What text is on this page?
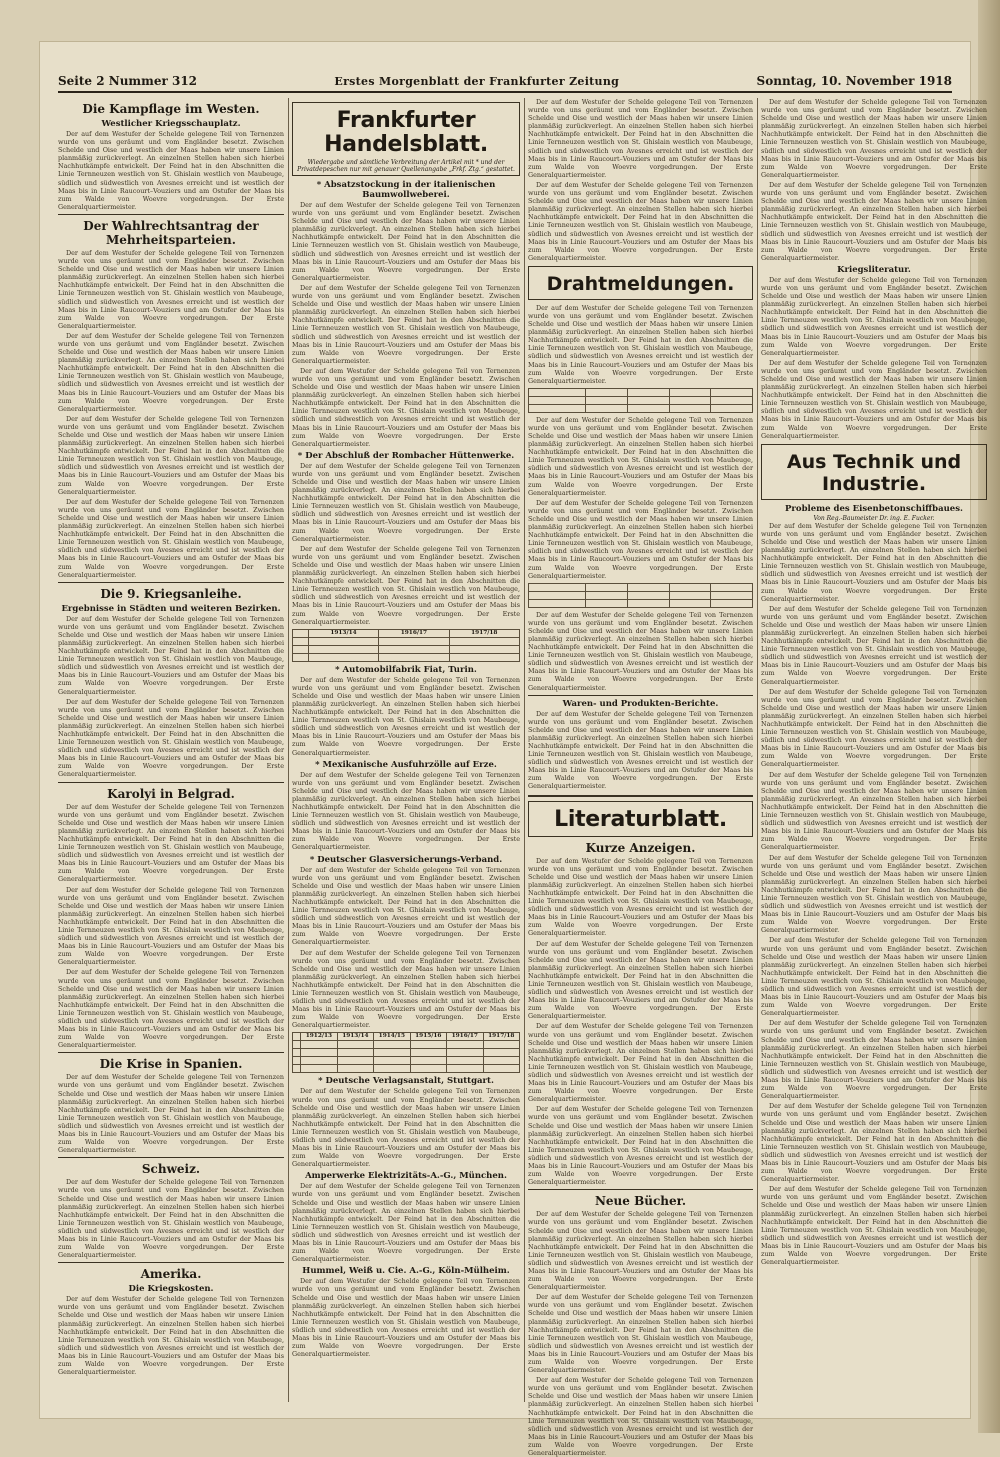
Seite 2 Nummer 312	Erstes Morgenblatt der Frankfurter Zeitung	Sonntag, 10. November 1918
Die Kampflage im Westen.
Westlicher Kriegsschauplatz.

Der auf dem Westufer der Schelde gelegene Teil von Ternenzen wurde von uns geräumt und vom Engländer besetzt. Zwischen Schelde und Oise und westlich der Maas haben wir unsere Linien planmäßig zurückverlegt. An einzelnen Stellen haben sich hierbei Nachhutkämpfe entwickelt. Der Feind hat in den Abschnitten die Linie Ternneuzen westlich von St. Ghislain westlich von Maubeuge, südlich und südwestlich von Avesnes erreicht und ist westlich der Maas bis in Linie Raucourt–Vouziers und am Ostufer der Maas bis zum Walde von Woevre vorgedrungen. Der Erste Generalquartiermeister.

Der Wahlrechtsantrag der Mehrheitsparteien.

Der auf dem Westufer der Schelde gelegene Teil von Ternenzen wurde von uns geräumt und vom Engländer besetzt. Zwischen Schelde und Oise und westlich der Maas haben wir unsere Linien planmäßig zurückverlegt. An einzelnen Stellen haben sich hierbei Nachhutkämpfe entwickelt. Der Feind hat in den Abschnitten die Linie Ternneuzen westlich von St. Ghislain westlich von Maubeuge, südlich und südwestlich von Avesnes erreicht und ist westlich der Maas bis in Linie Raucourt–Vouziers und am Ostufer der Maas bis zum Walde von Woevre vorgedrungen. Der Erste Generalquartiermeister.

Der auf dem Westufer der Schelde gelegene Teil von Ternenzen wurde von uns geräumt und vom Engländer besetzt. Zwischen Schelde und Oise und westlich der Maas haben wir unsere Linien planmäßig zurückverlegt. An einzelnen Stellen haben sich hierbei Nachhutkämpfe entwickelt. Der Feind hat in den Abschnitten die Linie Ternneuzen westlich von St. Ghislain westlich von Maubeuge, südlich und südwestlich von Avesnes erreicht und ist westlich der Maas bis in Linie Raucourt–Vouziers und am Ostufer der Maas bis zum Walde von Woevre vorgedrungen. Der Erste Generalquartiermeister.

Der auf dem Westufer der Schelde gelegene Teil von Ternenzen wurde von uns geräumt und vom Engländer besetzt. Zwischen Schelde und Oise und westlich der Maas haben wir unsere Linien planmäßig zurückverlegt. An einzelnen Stellen haben sich hierbei Nachhutkämpfe entwickelt. Der Feind hat in den Abschnitten die Linie Ternneuzen westlich von St. Ghislain westlich von Maubeuge, südlich und südwestlich von Avesnes erreicht und ist westlich der Maas bis in Linie Raucourt–Vouziers und am Ostufer der Maas bis zum Walde von Woevre vorgedrungen. Der Erste Generalquartiermeister.

Der auf dem Westufer der Schelde gelegene Teil von Ternenzen wurde von uns geräumt und vom Engländer besetzt. Zwischen Schelde und Oise und westlich der Maas haben wir unsere Linien planmäßig zurückverlegt. An einzelnen Stellen haben sich hierbei Nachhutkämpfe entwickelt. Der Feind hat in den Abschnitten die Linie Ternneuzen westlich von St. Ghislain westlich von Maubeuge, südlich und südwestlich von Avesnes erreicht und ist westlich der Maas bis in Linie Raucourt–Vouziers und am Ostufer der Maas bis zum Walde von Woevre vorgedrungen. Der Erste Generalquartiermeister.

Die 9. Kriegsanleihe.
Ergebnisse in Städten und weiteren Bezirken.

Der auf dem Westufer der Schelde gelegene Teil von Ternenzen wurde von uns geräumt und vom Engländer besetzt. Zwischen Schelde und Oise und westlich der Maas haben wir unsere Linien planmäßig zurückverlegt. An einzelnen Stellen haben sich hierbei Nachhutkämpfe entwickelt. Der Feind hat in den Abschnitten die Linie Ternneuzen westlich von St. Ghislain westlich von Maubeuge, südlich und südwestlich von Avesnes erreicht und ist westlich der Maas bis in Linie Raucourt–Vouziers und am Ostufer der Maas bis zum Walde von Woevre vorgedrungen. Der Erste Generalquartiermeister.

Der auf dem Westufer der Schelde gelegene Teil von Ternenzen wurde von uns geräumt und vom Engländer besetzt. Zwischen Schelde und Oise und westlich der Maas haben wir unsere Linien planmäßig zurückverlegt. An einzelnen Stellen haben sich hierbei Nachhutkämpfe entwickelt. Der Feind hat in den Abschnitten die Linie Ternneuzen westlich von St. Ghislain westlich von Maubeuge, südlich und südwestlich von Avesnes erreicht und ist westlich der Maas bis in Linie Raucourt–Vouziers und am Ostufer der Maas bis zum Walde von Woevre vorgedrungen. Der Erste Generalquartiermeister.

Karolyi in Belgrad.

Der auf dem Westufer der Schelde gelegene Teil von Ternenzen wurde von uns geräumt und vom Engländer besetzt. Zwischen Schelde und Oise und westlich der Maas haben wir unsere Linien planmäßig zurückverlegt. An einzelnen Stellen haben sich hierbei Nachhutkämpfe entwickelt. Der Feind hat in den Abschnitten die Linie Ternneuzen westlich von St. Ghislain westlich von Maubeuge, südlich und südwestlich von Avesnes erreicht und ist westlich der Maas bis in Linie Raucourt–Vouziers und am Ostufer der Maas bis zum Walde von Woevre vorgedrungen. Der Erste Generalquartiermeister.

Der auf dem Westufer der Schelde gelegene Teil von Ternenzen wurde von uns geräumt und vom Engländer besetzt. Zwischen Schelde und Oise und westlich der Maas haben wir unsere Linien planmäßig zurückverlegt. An einzelnen Stellen haben sich hierbei Nachhutkämpfe entwickelt. Der Feind hat in den Abschnitten die Linie Ternneuzen westlich von St. Ghislain westlich von Maubeuge, südlich und südwestlich von Avesnes erreicht und ist westlich der Maas bis in Linie Raucourt–Vouziers und am Ostufer der Maas bis zum Walde von Woevre vorgedrungen. Der Erste Generalquartiermeister.

Der auf dem Westufer der Schelde gelegene Teil von Ternenzen wurde von uns geräumt und vom Engländer besetzt. Zwischen Schelde und Oise und westlich der Maas haben wir unsere Linien planmäßig zurückverlegt. An einzelnen Stellen haben sich hierbei Nachhutkämpfe entwickelt. Der Feind hat in den Abschnitten die Linie Ternneuzen westlich von St. Ghislain westlich von Maubeuge, südlich und südwestlich von Avesnes erreicht und ist westlich der Maas bis in Linie Raucourt–Vouziers und am Ostufer der Maas bis zum Walde von Woevre vorgedrungen. Der Erste Generalquartiermeister.

Die Krise in Spanien.

Der auf dem Westufer der Schelde gelegene Teil von Ternenzen wurde von uns geräumt und vom Engländer besetzt. Zwischen Schelde und Oise und westlich der Maas haben wir unsere Linien planmäßig zurückverlegt. An einzelnen Stellen haben sich hierbei Nachhutkämpfe entwickelt. Der Feind hat in den Abschnitten die Linie Ternneuzen westlich von St. Ghislain westlich von Maubeuge, südlich und südwestlich von Avesnes erreicht und ist westlich der Maas bis in Linie Raucourt–Vouziers und am Ostufer der Maas bis zum Walde von Woevre vorgedrungen. Der Erste Generalquartiermeister.

Schweiz.

Der auf dem Westufer der Schelde gelegene Teil von Ternenzen wurde von uns geräumt und vom Engländer besetzt. Zwischen Schelde und Oise und westlich der Maas haben wir unsere Linien planmäßig zurückverlegt. An einzelnen Stellen haben sich hierbei Nachhutkämpfe entwickelt. Der Feind hat in den Abschnitten die Linie Ternneuzen westlich von St. Ghislain westlich von Maubeuge, südlich und südwestlich von Avesnes erreicht und ist westlich der Maas bis in Linie Raucourt–Vouziers und am Ostufer der Maas bis zum Walde von Woevre vorgedrungen. Der Erste Generalquartiermeister.

Amerika.
Die Kriegskosten.

Der auf dem Westufer der Schelde gelegene Teil von Ternenzen wurde von uns geräumt und vom Engländer besetzt. Zwischen Schelde und Oise und westlich der Maas haben wir unsere Linien planmäßig zurückverlegt. An einzelnen Stellen haben sich hierbei Nachhutkämpfe entwickelt. Der Feind hat in den Abschnitten die Linie Ternneuzen westlich von St. Ghislain westlich von Maubeuge, südlich und südwestlich von Avesnes erreicht und ist westlich der Maas bis in Linie Raucourt–Vouziers und am Ostufer der Maas bis zum Walde von Woevre vorgedrungen. Der Erste Generalquartiermeister.

Frankfurter Handelsblatt.
Wiedergabe und sämtliche Verbreitung der Artikel mit * und der Privatdepeschen nur mit genauer Quellenangabe „Frkf. Ztg.“ gestattet.
* Absatzstockung in der italienischen Baumwollweberei.

Der auf dem Westufer der Schelde gelegene Teil von Ternenzen wurde von uns geräumt und vom Engländer besetzt. Zwischen Schelde und Oise und westlich der Maas haben wir unsere Linien planmäßig zurückverlegt. An einzelnen Stellen haben sich hierbei Nachhutkämpfe entwickelt. Der Feind hat in den Abschnitten die Linie Ternneuzen westlich von St. Ghislain westlich von Maubeuge, südlich und südwestlich von Avesnes erreicht und ist westlich der Maas bis in Linie Raucourt–Vouziers und am Ostufer der Maas bis zum Walde von Woevre vorgedrungen. Der Erste Generalquartiermeister.

Der auf dem Westufer der Schelde gelegene Teil von Ternenzen wurde von uns geräumt und vom Engländer besetzt. Zwischen Schelde und Oise und westlich der Maas haben wir unsere Linien planmäßig zurückverlegt. An einzelnen Stellen haben sich hierbei Nachhutkämpfe entwickelt. Der Feind hat in den Abschnitten die Linie Ternneuzen westlich von St. Ghislain westlich von Maubeuge, südlich und südwestlich von Avesnes erreicht und ist westlich der Maas bis in Linie Raucourt–Vouziers und am Ostufer der Maas bis zum Walde von Woevre vorgedrungen. Der Erste Generalquartiermeister.

Der auf dem Westufer der Schelde gelegene Teil von Ternenzen wurde von uns geräumt und vom Engländer besetzt. Zwischen Schelde und Oise und westlich der Maas haben wir unsere Linien planmäßig zurückverlegt. An einzelnen Stellen haben sich hierbei Nachhutkämpfe entwickelt. Der Feind hat in den Abschnitten die Linie Ternneuzen westlich von St. Ghislain westlich von Maubeuge, südlich und südwestlich von Avesnes erreicht und ist westlich der Maas bis in Linie Raucourt–Vouziers und am Ostufer der Maas bis zum Walde von Woevre vorgedrungen. Der Erste Generalquartiermeister.

* Der Abschluß der Rombacher Hüttenwerke.

Der auf dem Westufer der Schelde gelegene Teil von Ternenzen wurde von uns geräumt und vom Engländer besetzt. Zwischen Schelde und Oise und westlich der Maas haben wir unsere Linien planmäßig zurückverlegt. An einzelnen Stellen haben sich hierbei Nachhutkämpfe entwickelt. Der Feind hat in den Abschnitten die Linie Ternneuzen westlich von St. Ghislain westlich von Maubeuge, südlich und südwestlich von Avesnes erreicht und ist westlich der Maas bis in Linie Raucourt–Vouziers und am Ostufer der Maas bis zum Walde von Woevre vorgedrungen. Der Erste Generalquartiermeister.

Der auf dem Westufer der Schelde gelegene Teil von Ternenzen wurde von uns geräumt und vom Engländer besetzt. Zwischen Schelde und Oise und westlich der Maas haben wir unsere Linien planmäßig zurückverlegt. An einzelnen Stellen haben sich hierbei Nachhutkämpfe entwickelt. Der Feind hat in den Abschnitten die Linie Ternneuzen westlich von St. Ghislain westlich von Maubeuge, südlich und südwestlich von Avesnes erreicht und ist westlich der Maas bis in Linie Raucourt–Vouziers und am Ostufer der Maas bis zum Walde von Woevre vorgedrungen. Der Erste Generalquartiermeister.

	1913/14	1916/17	1917/18

* Automobilfabrik Fiat, Turin.

Der auf dem Westufer der Schelde gelegene Teil von Ternenzen wurde von uns geräumt und vom Engländer besetzt. Zwischen Schelde und Oise und westlich der Maas haben wir unsere Linien planmäßig zurückverlegt. An einzelnen Stellen haben sich hierbei Nachhutkämpfe entwickelt. Der Feind hat in den Abschnitten die Linie Ternneuzen westlich von St. Ghislain westlich von Maubeuge, südlich und südwestlich von Avesnes erreicht und ist westlich der Maas bis in Linie Raucourt–Vouziers und am Ostufer der Maas bis zum Walde von Woevre vorgedrungen. Der Erste Generalquartiermeister.

* Mexikanische Ausfuhrzölle auf Erze.

Der auf dem Westufer der Schelde gelegene Teil von Ternenzen wurde von uns geräumt und vom Engländer besetzt. Zwischen Schelde und Oise und westlich der Maas haben wir unsere Linien planmäßig zurückverlegt. An einzelnen Stellen haben sich hierbei Nachhutkämpfe entwickelt. Der Feind hat in den Abschnitten die Linie Ternneuzen westlich von St. Ghislain westlich von Maubeuge, südlich und südwestlich von Avesnes erreicht und ist westlich der Maas bis in Linie Raucourt–Vouziers und am Ostufer der Maas bis zum Walde von Woevre vorgedrungen. Der Erste Generalquartiermeister.

* Deutscher Glasversicherungs-Verband.

Der auf dem Westufer der Schelde gelegene Teil von Ternenzen wurde von uns geräumt und vom Engländer besetzt. Zwischen Schelde und Oise und westlich der Maas haben wir unsere Linien planmäßig zurückverlegt. An einzelnen Stellen haben sich hierbei Nachhutkämpfe entwickelt. Der Feind hat in den Abschnitten die Linie Ternneuzen westlich von St. Ghislain westlich von Maubeuge, südlich und südwestlich von Avesnes erreicht und ist westlich der Maas bis in Linie Raucourt–Vouziers und am Ostufer der Maas bis zum Walde von Woevre vorgedrungen. Der Erste Generalquartiermeister.

Der auf dem Westufer der Schelde gelegene Teil von Ternenzen wurde von uns geräumt und vom Engländer besetzt. Zwischen Schelde und Oise und westlich der Maas haben wir unsere Linien planmäßig zurückverlegt. An einzelnen Stellen haben sich hierbei Nachhutkämpfe entwickelt. Der Feind hat in den Abschnitten die Linie Ternneuzen westlich von St. Ghislain westlich von Maubeuge, südlich und südwestlich von Avesnes erreicht und ist westlich der Maas bis in Linie Raucourt–Vouziers und am Ostufer der Maas bis zum Walde von Woevre vorgedrungen. Der Erste Generalquartiermeister.

	1912/13	1913/14	1914/15	1915/16	1916/17	1917/18

* Deutsche Verlagsanstalt, Stuttgart.

Der auf dem Westufer der Schelde gelegene Teil von Ternenzen wurde von uns geräumt und vom Engländer besetzt. Zwischen Schelde und Oise und westlich der Maas haben wir unsere Linien planmäßig zurückverlegt. An einzelnen Stellen haben sich hierbei Nachhutkämpfe entwickelt. Der Feind hat in den Abschnitten die Linie Ternneuzen westlich von St. Ghislain westlich von Maubeuge, südlich und südwestlich von Avesnes erreicht und ist westlich der Maas bis in Linie Raucourt–Vouziers und am Ostufer der Maas bis zum Walde von Woevre vorgedrungen. Der Erste Generalquartiermeister.

Amperwerke Elektrizitäts-A.-G., München.

Der auf dem Westufer der Schelde gelegene Teil von Ternenzen wurde von uns geräumt und vom Engländer besetzt. Zwischen Schelde und Oise und westlich der Maas haben wir unsere Linien planmäßig zurückverlegt. An einzelnen Stellen haben sich hierbei Nachhutkämpfe entwickelt. Der Feind hat in den Abschnitten die Linie Ternneuzen westlich von St. Ghislain westlich von Maubeuge, südlich und südwestlich von Avesnes erreicht und ist westlich der Maas bis in Linie Raucourt–Vouziers und am Ostufer der Maas bis zum Walde von Woevre vorgedrungen. Der Erste Generalquartiermeister.

Hummel, Weiß u. Cie. A.-G., Köln-Mülheim.

Der auf dem Westufer der Schelde gelegene Teil von Ternenzen wurde von uns geräumt und vom Engländer besetzt. Zwischen Schelde und Oise und westlich der Maas haben wir unsere Linien planmäßig zurückverlegt. An einzelnen Stellen haben sich hierbei Nachhutkämpfe entwickelt. Der Feind hat in den Abschnitten die Linie Ternneuzen westlich von St. Ghislain westlich von Maubeuge, südlich und südwestlich von Avesnes erreicht und ist westlich der Maas bis in Linie Raucourt–Vouziers und am Ostufer der Maas bis zum Walde von Woevre vorgedrungen. Der Erste Generalquartiermeister.

Der auf dem Westufer der Schelde gelegene Teil von Ternenzen wurde von uns geräumt und vom Engländer besetzt. Zwischen Schelde und Oise und westlich der Maas haben wir unsere Linien planmäßig zurückverlegt. An einzelnen Stellen haben sich hierbei Nachhutkämpfe entwickelt. Der Feind hat in den Abschnitten die Linie Ternneuzen westlich von St. Ghislain westlich von Maubeuge, südlich und südwestlich von Avesnes erreicht und ist westlich der Maas bis in Linie Raucourt–Vouziers und am Ostufer der Maas bis zum Walde von Woevre vorgedrungen. Der Erste Generalquartiermeister.

Der auf dem Westufer der Schelde gelegene Teil von Ternenzen wurde von uns geräumt und vom Engländer besetzt. Zwischen Schelde und Oise und westlich der Maas haben wir unsere Linien planmäßig zurückverlegt. An einzelnen Stellen haben sich hierbei Nachhutkämpfe entwickelt. Der Feind hat in den Abschnitten die Linie Ternneuzen westlich von St. Ghislain westlich von Maubeuge, südlich und südwestlich von Avesnes erreicht und ist westlich der Maas bis in Linie Raucourt–Vouziers und am Ostufer der Maas bis zum Walde von Woevre vorgedrungen. Der Erste Generalquartiermeister.

Drahtmeldungen.

Der auf dem Westufer der Schelde gelegene Teil von Ternenzen wurde von uns geräumt und vom Engländer besetzt. Zwischen Schelde und Oise und westlich der Maas haben wir unsere Linien planmäßig zurückverlegt. An einzelnen Stellen haben sich hierbei Nachhutkämpfe entwickelt. Der Feind hat in den Abschnitten die Linie Ternneuzen westlich von St. Ghislain westlich von Maubeuge, südlich und südwestlich von Avesnes erreicht und ist westlich der Maas bis in Linie Raucourt–Vouziers und am Ostufer der Maas bis zum Walde von Woevre vorgedrungen. Der Erste Generalquartiermeister.

Der auf dem Westufer der Schelde gelegene Teil von Ternenzen wurde von uns geräumt und vom Engländer besetzt. Zwischen Schelde und Oise und westlich der Maas haben wir unsere Linien planmäßig zurückverlegt. An einzelnen Stellen haben sich hierbei Nachhutkämpfe entwickelt. Der Feind hat in den Abschnitten die Linie Ternneuzen westlich von St. Ghislain westlich von Maubeuge, südlich und südwestlich von Avesnes erreicht und ist westlich der Maas bis in Linie Raucourt–Vouziers und am Ostufer der Maas bis zum Walde von Woevre vorgedrungen. Der Erste Generalquartiermeister.

Der auf dem Westufer der Schelde gelegene Teil von Ternenzen wurde von uns geräumt und vom Engländer besetzt. Zwischen Schelde und Oise und westlich der Maas haben wir unsere Linien planmäßig zurückverlegt. An einzelnen Stellen haben sich hierbei Nachhutkämpfe entwickelt. Der Feind hat in den Abschnitten die Linie Ternneuzen westlich von St. Ghislain westlich von Maubeuge, südlich und südwestlich von Avesnes erreicht und ist westlich der Maas bis in Linie Raucourt–Vouziers und am Ostufer der Maas bis zum Walde von Woevre vorgedrungen. Der Erste Generalquartiermeister.

Der auf dem Westufer der Schelde gelegene Teil von Ternenzen wurde von uns geräumt und vom Engländer besetzt. Zwischen Schelde und Oise und westlich der Maas haben wir unsere Linien planmäßig zurückverlegt. An einzelnen Stellen haben sich hierbei Nachhutkämpfe entwickelt. Der Feind hat in den Abschnitten die Linie Ternneuzen westlich von St. Ghislain westlich von Maubeuge, südlich und südwestlich von Avesnes erreicht und ist westlich der Maas bis in Linie Raucourt–Vouziers und am Ostufer der Maas bis zum Walde von Woevre vorgedrungen. Der Erste Generalquartiermeister.

Waren- und Produkten-Berichte.

Der auf dem Westufer der Schelde gelegene Teil von Ternenzen wurde von uns geräumt und vom Engländer besetzt. Zwischen Schelde und Oise und westlich der Maas haben wir unsere Linien planmäßig zurückverlegt. An einzelnen Stellen haben sich hierbei Nachhutkämpfe entwickelt. Der Feind hat in den Abschnitten die Linie Ternneuzen westlich von St. Ghislain westlich von Maubeuge, südlich und südwestlich von Avesnes erreicht und ist westlich der Maas bis in Linie Raucourt–Vouziers und am Ostufer der Maas bis zum Walde von Woevre vorgedrungen. Der Erste Generalquartiermeister.

Literaturblatt.
Kurze Anzeigen.

Der auf dem Westufer der Schelde gelegene Teil von Ternenzen wurde von uns geräumt und vom Engländer besetzt. Zwischen Schelde und Oise und westlich der Maas haben wir unsere Linien planmäßig zurückverlegt. An einzelnen Stellen haben sich hierbei Nachhutkämpfe entwickelt. Der Feind hat in den Abschnitten die Linie Ternneuzen westlich von St. Ghislain westlich von Maubeuge, südlich und südwestlich von Avesnes erreicht und ist westlich der Maas bis in Linie Raucourt–Vouziers und am Ostufer der Maas bis zum Walde von Woevre vorgedrungen. Der Erste Generalquartiermeister.

Der auf dem Westufer der Schelde gelegene Teil von Ternenzen wurde von uns geräumt und vom Engländer besetzt. Zwischen Schelde und Oise und westlich der Maas haben wir unsere Linien planmäßig zurückverlegt. An einzelnen Stellen haben sich hierbei Nachhutkämpfe entwickelt. Der Feind hat in den Abschnitten die Linie Ternneuzen westlich von St. Ghislain westlich von Maubeuge, südlich und südwestlich von Avesnes erreicht und ist westlich der Maas bis in Linie Raucourt–Vouziers und am Ostufer der Maas bis zum Walde von Woevre vorgedrungen. Der Erste Generalquartiermeister.

Der auf dem Westufer der Schelde gelegene Teil von Ternenzen wurde von uns geräumt und vom Engländer besetzt. Zwischen Schelde und Oise und westlich der Maas haben wir unsere Linien planmäßig zurückverlegt. An einzelnen Stellen haben sich hierbei Nachhutkämpfe entwickelt. Der Feind hat in den Abschnitten die Linie Ternneuzen westlich von St. Ghislain westlich von Maubeuge, südlich und südwestlich von Avesnes erreicht und ist westlich der Maas bis in Linie Raucourt–Vouziers und am Ostufer der Maas bis zum Walde von Woevre vorgedrungen. Der Erste Generalquartiermeister.

Der auf dem Westufer der Schelde gelegene Teil von Ternenzen wurde von uns geräumt und vom Engländer besetzt. Zwischen Schelde und Oise und westlich der Maas haben wir unsere Linien planmäßig zurückverlegt. An einzelnen Stellen haben sich hierbei Nachhutkämpfe entwickelt. Der Feind hat in den Abschnitten die Linie Ternneuzen westlich von St. Ghislain westlich von Maubeuge, südlich und südwestlich von Avesnes erreicht und ist westlich der Maas bis in Linie Raucourt–Vouziers und am Ostufer der Maas bis zum Walde von Woevre vorgedrungen. Der Erste Generalquartiermeister.

Neue Bücher.

Der auf dem Westufer der Schelde gelegene Teil von Ternenzen wurde von uns geräumt und vom Engländer besetzt. Zwischen Schelde und Oise und westlich der Maas haben wir unsere Linien planmäßig zurückverlegt. An einzelnen Stellen haben sich hierbei Nachhutkämpfe entwickelt. Der Feind hat in den Abschnitten die Linie Ternneuzen westlich von St. Ghislain westlich von Maubeuge, südlich und südwestlich von Avesnes erreicht und ist westlich der Maas bis in Linie Raucourt–Vouziers und am Ostufer der Maas bis zum Walde von Woevre vorgedrungen. Der Erste Generalquartiermeister.

Der auf dem Westufer der Schelde gelegene Teil von Ternenzen wurde von uns geräumt und vom Engländer besetzt. Zwischen Schelde und Oise und westlich der Maas haben wir unsere Linien planmäßig zurückverlegt. An einzelnen Stellen haben sich hierbei Nachhutkämpfe entwickelt. Der Feind hat in den Abschnitten die Linie Ternneuzen westlich von St. Ghislain westlich von Maubeuge, südlich und südwestlich von Avesnes erreicht und ist westlich der Maas bis in Linie Raucourt–Vouziers und am Ostufer der Maas bis zum Walde von Woevre vorgedrungen. Der Erste Generalquartiermeister.

Der auf dem Westufer der Schelde gelegene Teil von Ternenzen wurde von uns geräumt und vom Engländer besetzt. Zwischen Schelde und Oise und westlich der Maas haben wir unsere Linien planmäßig zurückverlegt. An einzelnen Stellen haben sich hierbei Nachhutkämpfe entwickelt. Der Feind hat in den Abschnitten die Linie Ternneuzen westlich von St. Ghislain westlich von Maubeuge, südlich und südwestlich von Avesnes erreicht und ist westlich der Maas bis in Linie Raucourt–Vouziers und am Ostufer der Maas bis zum Walde von Woevre vorgedrungen. Der Erste Generalquartiermeister.

Der auf dem Westufer der Schelde gelegene Teil von Ternenzen wurde von uns geräumt und vom Engländer besetzt. Zwischen Schelde und Oise und westlich der Maas haben wir unsere Linien planmäßig zurückverlegt. An einzelnen Stellen haben sich hierbei Nachhutkämpfe entwickelt. Der Feind hat in den Abschnitten die Linie Ternneuzen westlich von St. Ghislain westlich von Maubeuge, südlich und südwestlich von Avesnes erreicht und ist westlich der Maas bis in Linie Raucourt–Vouziers und am Ostufer der Maas bis zum Walde von Woevre vorgedrungen. Der Erste Generalquartiermeister.

Der auf dem Westufer der Schelde gelegene Teil von Ternenzen wurde von uns geräumt und vom Engländer besetzt. Zwischen Schelde und Oise und westlich der Maas haben wir unsere Linien planmäßig zurückverlegt. An einzelnen Stellen haben sich hierbei Nachhutkämpfe entwickelt. Der Feind hat in den Abschnitten die Linie Ternneuzen westlich von St. Ghislain westlich von Maubeuge, südlich und südwestlich von Avesnes erreicht und ist westlich der Maas bis in Linie Raucourt–Vouziers und am Ostufer der Maas bis zum Walde von Woevre vorgedrungen. Der Erste Generalquartiermeister.

Kriegsliteratur.

Der auf dem Westufer der Schelde gelegene Teil von Ternenzen wurde von uns geräumt und vom Engländer besetzt. Zwischen Schelde und Oise und westlich der Maas haben wir unsere Linien planmäßig zurückverlegt. An einzelnen Stellen haben sich hierbei Nachhutkämpfe entwickelt. Der Feind hat in den Abschnitten die Linie Ternneuzen westlich von St. Ghislain westlich von Maubeuge, südlich und südwestlich von Avesnes erreicht und ist westlich der Maas bis in Linie Raucourt–Vouziers und am Ostufer der Maas bis zum Walde von Woevre vorgedrungen. Der Erste Generalquartiermeister.

Der auf dem Westufer der Schelde gelegene Teil von Ternenzen wurde von uns geräumt und vom Engländer besetzt. Zwischen Schelde und Oise und westlich der Maas haben wir unsere Linien planmäßig zurückverlegt. An einzelnen Stellen haben sich hierbei Nachhutkämpfe entwickelt. Der Feind hat in den Abschnitten die Linie Ternneuzen westlich von St. Ghislain westlich von Maubeuge, südlich und südwestlich von Avesnes erreicht und ist westlich der Maas bis in Linie Raucourt–Vouziers und am Ostufer der Maas bis zum Walde von Woevre vorgedrungen. Der Erste Generalquartiermeister.

Aus Technik und Industrie.
Probleme des Eisenbetonschiffbaues.
Von Reg.-Baumeister Dr. ing. E. Fucker.

Der auf dem Westufer der Schelde gelegene Teil von Ternenzen wurde von uns geräumt und vom Engländer besetzt. Zwischen Schelde und Oise und westlich der Maas haben wir unsere Linien planmäßig zurückverlegt. An einzelnen Stellen haben sich hierbei Nachhutkämpfe entwickelt. Der Feind hat in den Abschnitten die Linie Ternneuzen westlich von St. Ghislain westlich von Maubeuge, südlich und südwestlich von Avesnes erreicht und ist westlich der Maas bis in Linie Raucourt–Vouziers und am Ostufer der Maas bis zum Walde von Woevre vorgedrungen. Der Erste Generalquartiermeister.

Der auf dem Westufer der Schelde gelegene Teil von Ternenzen wurde von uns geräumt und vom Engländer besetzt. Zwischen Schelde und Oise und westlich der Maas haben wir unsere Linien planmäßig zurückverlegt. An einzelnen Stellen haben sich hierbei Nachhutkämpfe entwickelt. Der Feind hat in den Abschnitten die Linie Ternneuzen westlich von St. Ghislain westlich von Maubeuge, südlich und südwestlich von Avesnes erreicht und ist westlich der Maas bis in Linie Raucourt–Vouziers und am Ostufer der Maas bis zum Walde von Woevre vorgedrungen. Der Erste Generalquartiermeister.

Der auf dem Westufer der Schelde gelegene Teil von Ternenzen wurde von uns geräumt und vom Engländer besetzt. Zwischen Schelde und Oise und westlich der Maas haben wir unsere Linien planmäßig zurückverlegt. An einzelnen Stellen haben sich hierbei Nachhutkämpfe entwickelt. Der Feind hat in den Abschnitten die Linie Ternneuzen westlich von St. Ghislain westlich von Maubeuge, südlich und südwestlich von Avesnes erreicht und ist westlich der Maas bis in Linie Raucourt–Vouziers und am Ostufer der Maas bis zum Walde von Woevre vorgedrungen. Der Erste Generalquartiermeister.

Der auf dem Westufer der Schelde gelegene Teil von Ternenzen wurde von uns geräumt und vom Engländer besetzt. Zwischen Schelde und Oise und westlich der Maas haben wir unsere Linien planmäßig zurückverlegt. An einzelnen Stellen haben sich hierbei Nachhutkämpfe entwickelt. Der Feind hat in den Abschnitten die Linie Ternneuzen westlich von St. Ghislain westlich von Maubeuge, südlich und südwestlich von Avesnes erreicht und ist westlich der Maas bis in Linie Raucourt–Vouziers und am Ostufer der Maas bis zum Walde von Woevre vorgedrungen. Der Erste Generalquartiermeister.

Der auf dem Westufer der Schelde gelegene Teil von Ternenzen wurde von uns geräumt und vom Engländer besetzt. Zwischen Schelde und Oise und westlich der Maas haben wir unsere Linien planmäßig zurückverlegt. An einzelnen Stellen haben sich hierbei Nachhutkämpfe entwickelt. Der Feind hat in den Abschnitten die Linie Ternneuzen westlich von St. Ghislain westlich von Maubeuge, südlich und südwestlich von Avesnes erreicht und ist westlich der Maas bis in Linie Raucourt–Vouziers und am Ostufer der Maas bis zum Walde von Woevre vorgedrungen. Der Erste Generalquartiermeister.

Der auf dem Westufer der Schelde gelegene Teil von Ternenzen wurde von uns geräumt und vom Engländer besetzt. Zwischen Schelde und Oise und westlich der Maas haben wir unsere Linien planmäßig zurückverlegt. An einzelnen Stellen haben sich hierbei Nachhutkämpfe entwickelt. Der Feind hat in den Abschnitten die Linie Ternneuzen westlich von St. Ghislain westlich von Maubeuge, südlich und südwestlich von Avesnes erreicht und ist westlich der Maas bis in Linie Raucourt–Vouziers und am Ostufer der Maas bis zum Walde von Woevre vorgedrungen. Der Erste Generalquartiermeister.

Der auf dem Westufer der Schelde gelegene Teil von Ternenzen wurde von uns geräumt und vom Engländer besetzt. Zwischen Schelde und Oise und westlich der Maas haben wir unsere Linien planmäßig zurückverlegt. An einzelnen Stellen haben sich hierbei Nachhutkämpfe entwickelt. Der Feind hat in den Abschnitten die Linie Ternneuzen westlich von St. Ghislain westlich von Maubeuge, südlich und südwestlich von Avesnes erreicht und ist westlich der Maas bis in Linie Raucourt–Vouziers und am Ostufer der Maas bis zum Walde von Woevre vorgedrungen. Der Erste Generalquartiermeister.

Der auf dem Westufer der Schelde gelegene Teil von Ternenzen wurde von uns geräumt und vom Engländer besetzt. Zwischen Schelde und Oise und westlich der Maas haben wir unsere Linien planmäßig zurückverlegt. An einzelnen Stellen haben sich hierbei Nachhutkämpfe entwickelt. Der Feind hat in den Abschnitten die Linie Ternneuzen westlich von St. Ghislain westlich von Maubeuge, südlich und südwestlich von Avesnes erreicht und ist westlich der Maas bis in Linie Raucourt–Vouziers und am Ostufer der Maas bis zum Walde von Woevre vorgedrungen. Der Erste Generalquartiermeister.

Der auf dem Westufer der Schelde gelegene Teil von Ternenzen wurde von uns geräumt und vom Engländer besetzt. Zwischen Schelde und Oise und westlich der Maas haben wir unsere Linien planmäßig zurückverlegt. An einzelnen Stellen haben sich hierbei Nachhutkämpfe entwickelt. Der Feind hat in den Abschnitten die Linie Ternneuzen westlich von St. Ghislain westlich von Maubeuge, südlich und südwestlich von Avesnes erreicht und ist westlich der Maas bis in Linie Raucourt–Vouziers und am Ostufer der Maas bis zum Walde von Woevre vorgedrungen. Der Erste Generalquartiermeister.
